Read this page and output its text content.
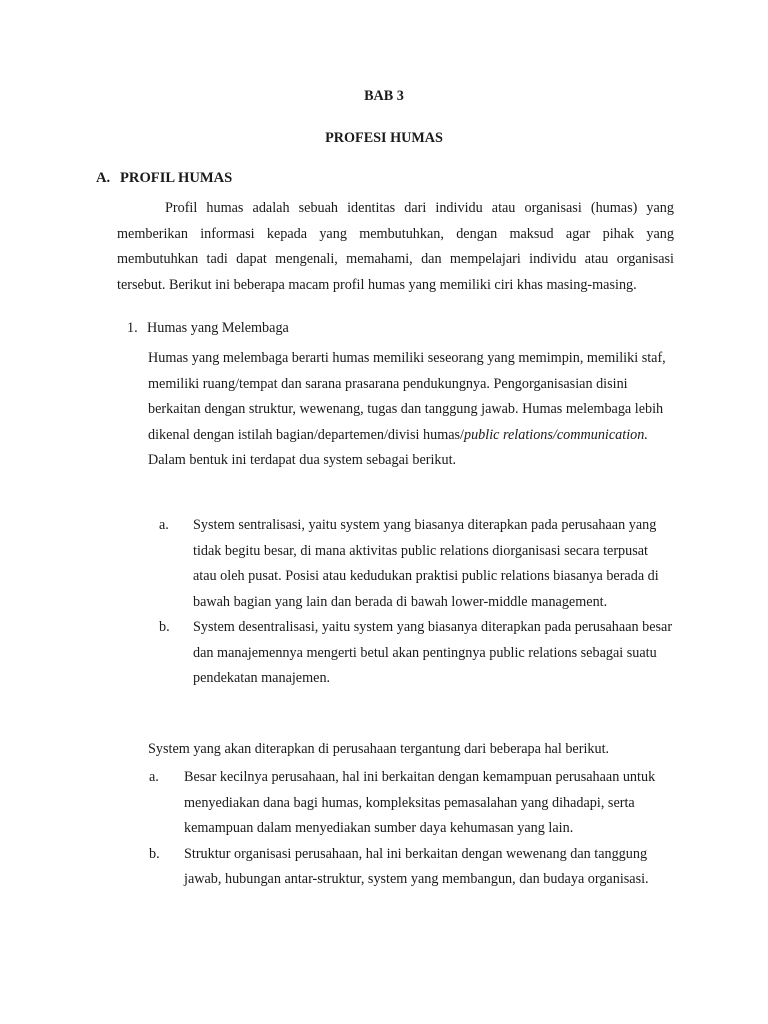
BAB 3
PROFESI HUMAS
A. PROFIL HUMAS

Profil humas adalah sebuah identitas dari individu atau organisasi (humas) yang memberikan informasi kepada yang membutuhkan, dengan maksud agar pihak yang membutuhkan tadi dapat mengenali, memahami, dan mempelajari individu atau organisasi tersebut. Berikut ini beberapa macam profil humas yang memiliki ciri khas masing-masing.

1. Humas yang Melembaga

Humas yang melembaga berarti humas memiliki seseorang yang memimpin, memiliki staf, memiliki ruang/tempat dan sarana prasarana pendukungnya. Pengorganisasian disini berkaitan dengan struktur, wewenang, tugas dan tanggung jawab. Humas melembaga lebih dikenal dengan istilah bagian/departemen/divisi humas/public relations/communication. Dalam bentuk ini terdapat dua system sebagai berikut.

a. System sentralisasi, yaitu system yang biasanya diterapkan pada perusahaan yang tidak begitu besar, di mana aktivitas public relations diorganisasi secara terpusat atau oleh pusat. Posisi atau kedudukan praktisi public relations biasanya berada di bawah bagian yang lain dan berada di bawah lower-middle management.
b. System desentralisasi, yaitu system yang biasanya diterapkan pada perusahaan besar dan manajemennya mengerti betul akan pentingnya public relations sebagai suatu pendekatan manajemen.

System yang akan diterapkan di perusahaan tergantung dari beberapa hal berikut.

a. Besar kecilnya perusahaan, hal ini berkaitan dengan kemampuan perusahaan untuk menyediakan dana bagi humas, kompleksitas pemasalahan yang dihadapi, serta kemampuan dalam menyediakan sumber daya kehumasan yang lain.
b. Struktur organisasi perusahaan, hal ini berkaitan dengan wewenang dan tanggung jawab, hubungan antar-struktur, system yang membangun, dan budaya organisasi.
